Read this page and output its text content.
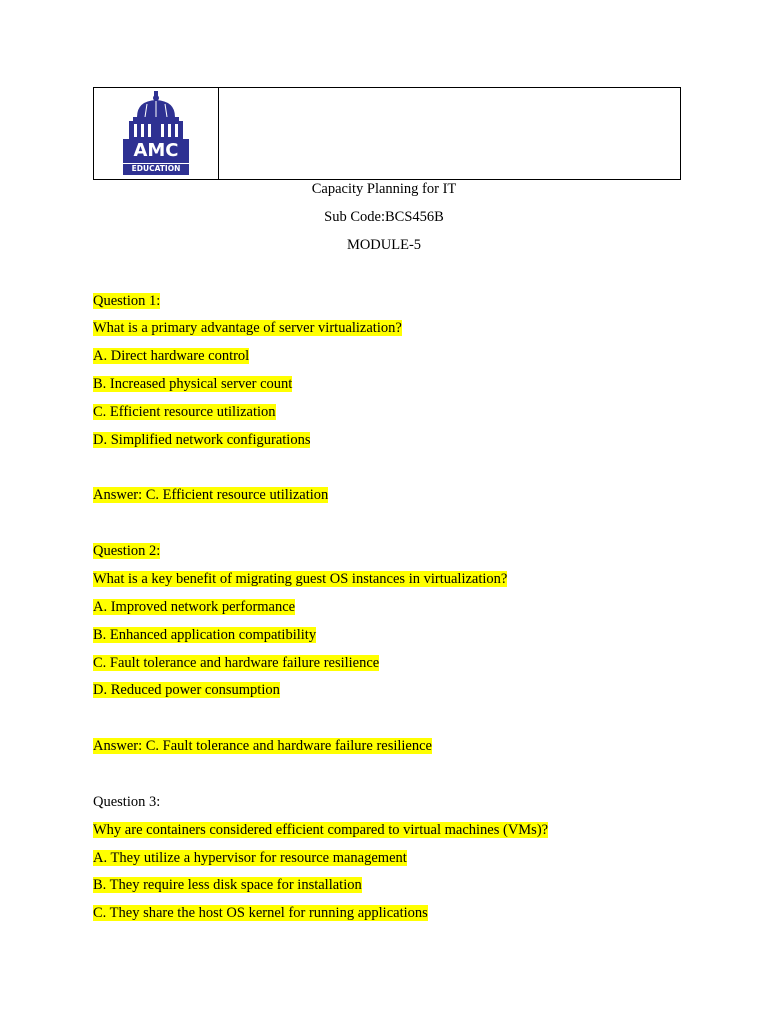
AMC
EDUCATION
Capacity Planning for IT
Sub Code:BCS456B
MODULE-5
Question 1:
What is a primary advantage of server virtualization?
A. Direct hardware control
B. Increased physical server count
C. Efficient resource utilization
D. Simplified network configurations
Answer: C. Efficient resource utilization
Question 2:
What is a key benefit of migrating guest OS instances in virtualization?
A. Improved network performance
B. Enhanced application compatibility
C. Fault tolerance and hardware failure resilience
D. Reduced power consumption
Answer: C. Fault tolerance and hardware failure resilience
Question 3:
Why are containers considered efficient compared to virtual machines (VMs)?
A. They utilize a hypervisor for resource management
B. They require less disk space for installation
C. They share the host OS kernel for running applications
